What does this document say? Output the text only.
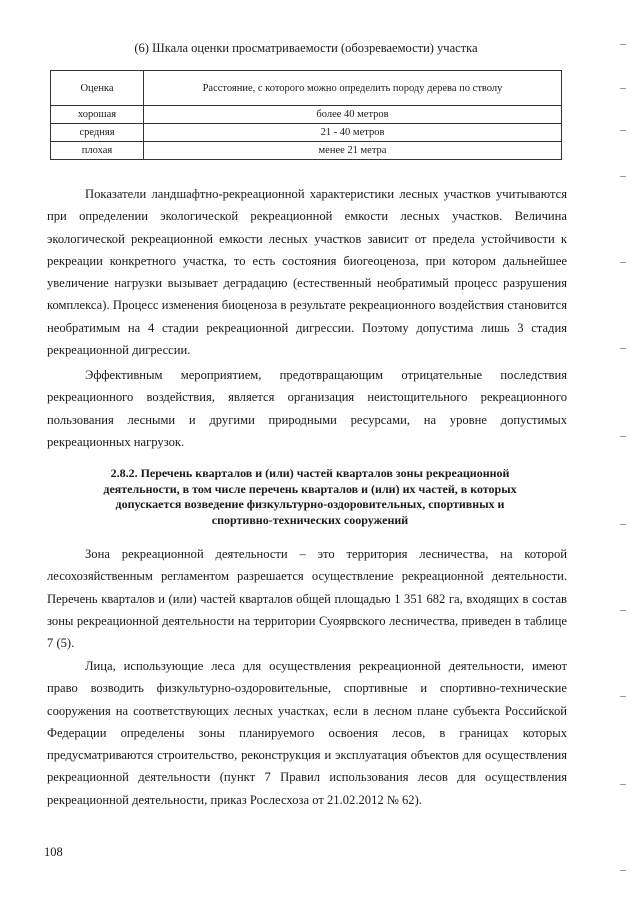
(6) Шкала оценки просматриваемости (обозреваемости) участка
Оценка	Расстояние, с которого можно определить породу дерева по стволу
хорошая	более 40 метров
средняя	21 - 40 метров
плохая	менее 21 метра

Показатели ландшафтно-рекреационной характеристики лесных участков учитываются при определении экологической рекреационной емкости лесных участков. Величина экологической рекреационной емкости лесных участков зависит от предела устойчивости к рекреации конкретного участка, то есть состояния биогеоценоза, при котором дальнейшее увеличение нагрузки вызывает деградацию (естественный необратимый процесс разрушения комплекса). Процесс изменения биоценоза в результате рекреационного воздействия становится необратимым на 4 стадии рекреационной дигрессии. Поэтому допустима лишь 3 стадия рекреационной дигрессии.

Эффективным мероприятием, предотвращающим отрицательные последствия рекреационного воздействия, является организация неистощительного рекреационного пользования лесными и другими природными ресурсами, на уровне допустимых рекреационных нагрузок.

2.8.2. Перечень кварталов и (или) частей кварталов зоны рекреационной деятельности, в том числе перечень кварталов и (или) их частей, в которых допускается возведение физкультурно-оздоровительных, спортивных и спортивно-технических сооружений

Зона рекреационной деятельности – это территория лесничества, на которой лесохозяйственным регламентом разрешается осуществление рекреационной деятельности. Перечень кварталов и (или) частей кварталов общей площадью 1 351 682 га, входящих в состав зоны рекреационной деятельности на территории Суоярвского лесничества, приведен в таблице 7 (5).

Лица, использующие леса для осуществления рекреационной деятельности, имеют право возводить физкультурно-оздоровительные, спортивные и спортивно-технические сооружения на соответствующих лесных участках, если в лесном плане субъекта Российской Федерации определены зоны планируемого освоения лесов, в границах которых предусматриваются строительство, реконструкция и эксплуатация объектов для осуществления рекреационной деятельности (пункт 7 Правил использования лесов для осуществления рекреационной деятельности, приказ Рослесхоза от 21.02.2012 № 62).

108
